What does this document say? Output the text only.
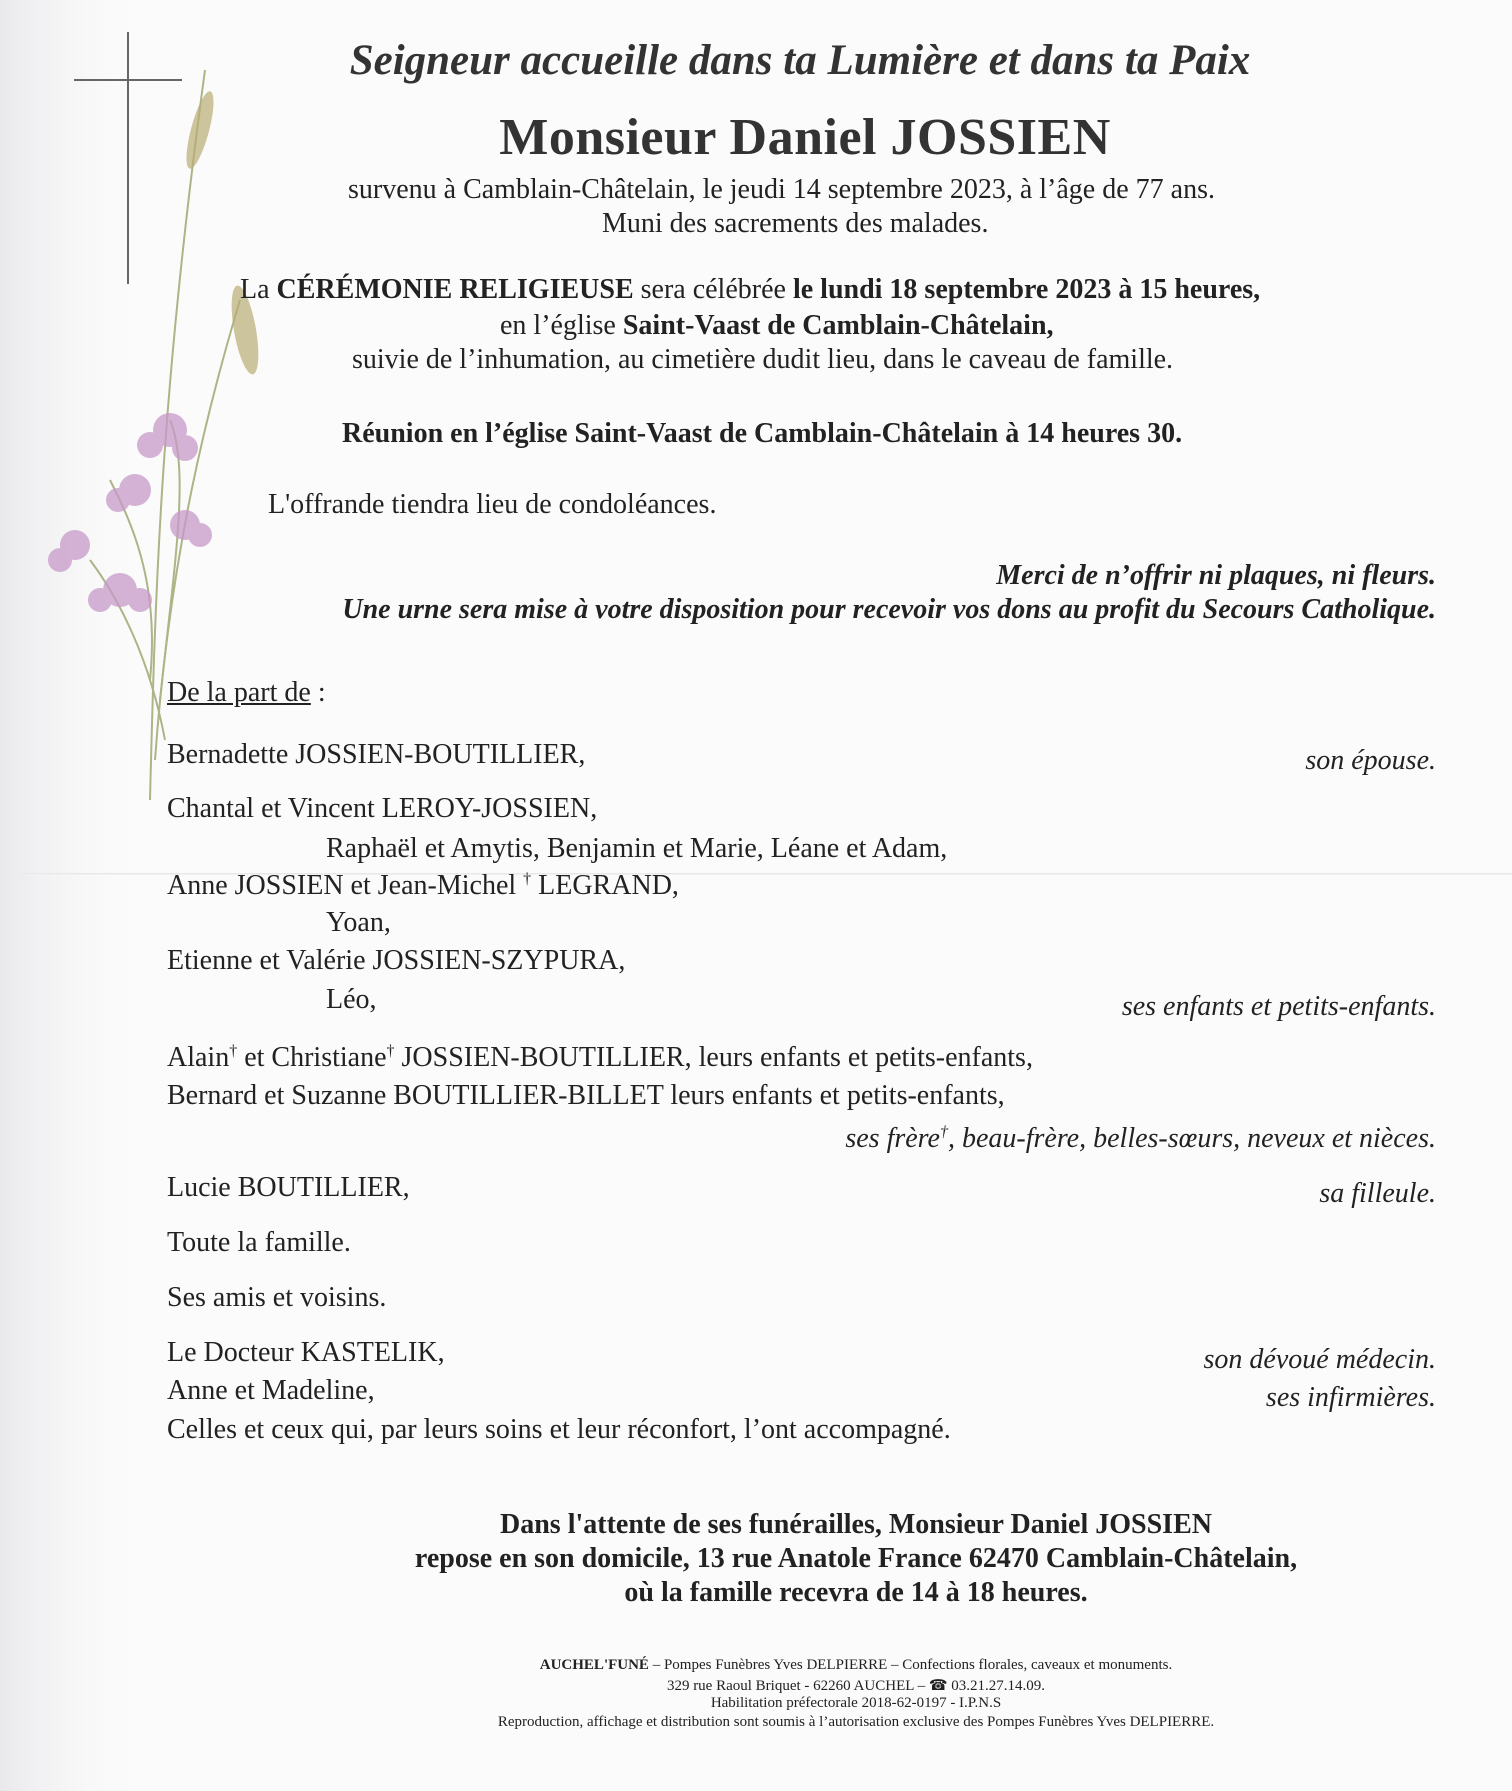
Seigneur accueille dans ta Lumière et dans ta Paix
Monsieur Daniel JOSSIEN
survenu à Camblain-Châtelain, le jeudi 14 septembre 2023, à l’âge de 77 ans.
Muni des sacrements des malades.
La CÉRÉMONIE RELIGIEUSE sera célébrée le lundi 18 septembre 2023 à 15 heures,
en l’église Saint-Vaast de Camblain-Châtelain,
suivie de l’inhumation, au cimetière dudit lieu, dans le caveau de famille.
Réunion en l’église Saint-Vaast de Camblain-Châtelain à 14 heures 30.
L'offrande tiendra lieu de condoléances.
Merci de n’offrir ni plaques, ni fleurs.
Une urne sera mise à votre disposition pour recevoir vos dons au profit du Secours Catholique.
De la part de :
Bernadette JOSSIEN-BOUTILLIER,	son épouse.
Chantal et Vincent LEROY-JOSSIEN,
Raphaël et Amytis, Benjamin et Marie, Léane et Adam,
Anne JOSSIEN et Jean-Michel † LEGRAND,
Yoan,
Etienne et Valérie JOSSIEN-SZYPURA,
Léo,	ses enfants et petits-enfants.
Alain† et Christiane† JOSSIEN-BOUTILLIER, leurs enfants et petits-enfants,
Bernard et Suzanne BOUTILLIER-BILLET leurs enfants et petits-enfants,
ses frère†, beau-frère, belles-sœurs, neveux et nièces.
Lucie BOUTILLIER,	sa filleule.
Toute la famille.
Ses amis et voisins.
Le Docteur KASTELIK,	son dévoué médecin.
Anne et Madeline,	ses infirmières.
Celles et ceux qui, par leurs soins et leur réconfort, l’ont accompagné.
Dans l'attente de ses funérailles, Monsieur Daniel JOSSIEN
repose en son domicile, 13 rue Anatole France 62470 Camblain-Châtelain,
où la famille recevra de 14 à 18 heures.
AUCHEL'FUNÉ – Pompes Funèbres Yves DELPIERRE – Confections florales, caveaux et monuments.
329 rue Raoul Briquet - 62260 AUCHEL – ☎ 03.21.27.14.09.
Habilitation préfectorale 2018-62-0197 - I.P.N.S
Reproduction, affichage et distribution sont soumis à l’autorisation exclusive des Pompes Funèbres Yves DELPIERRE.
